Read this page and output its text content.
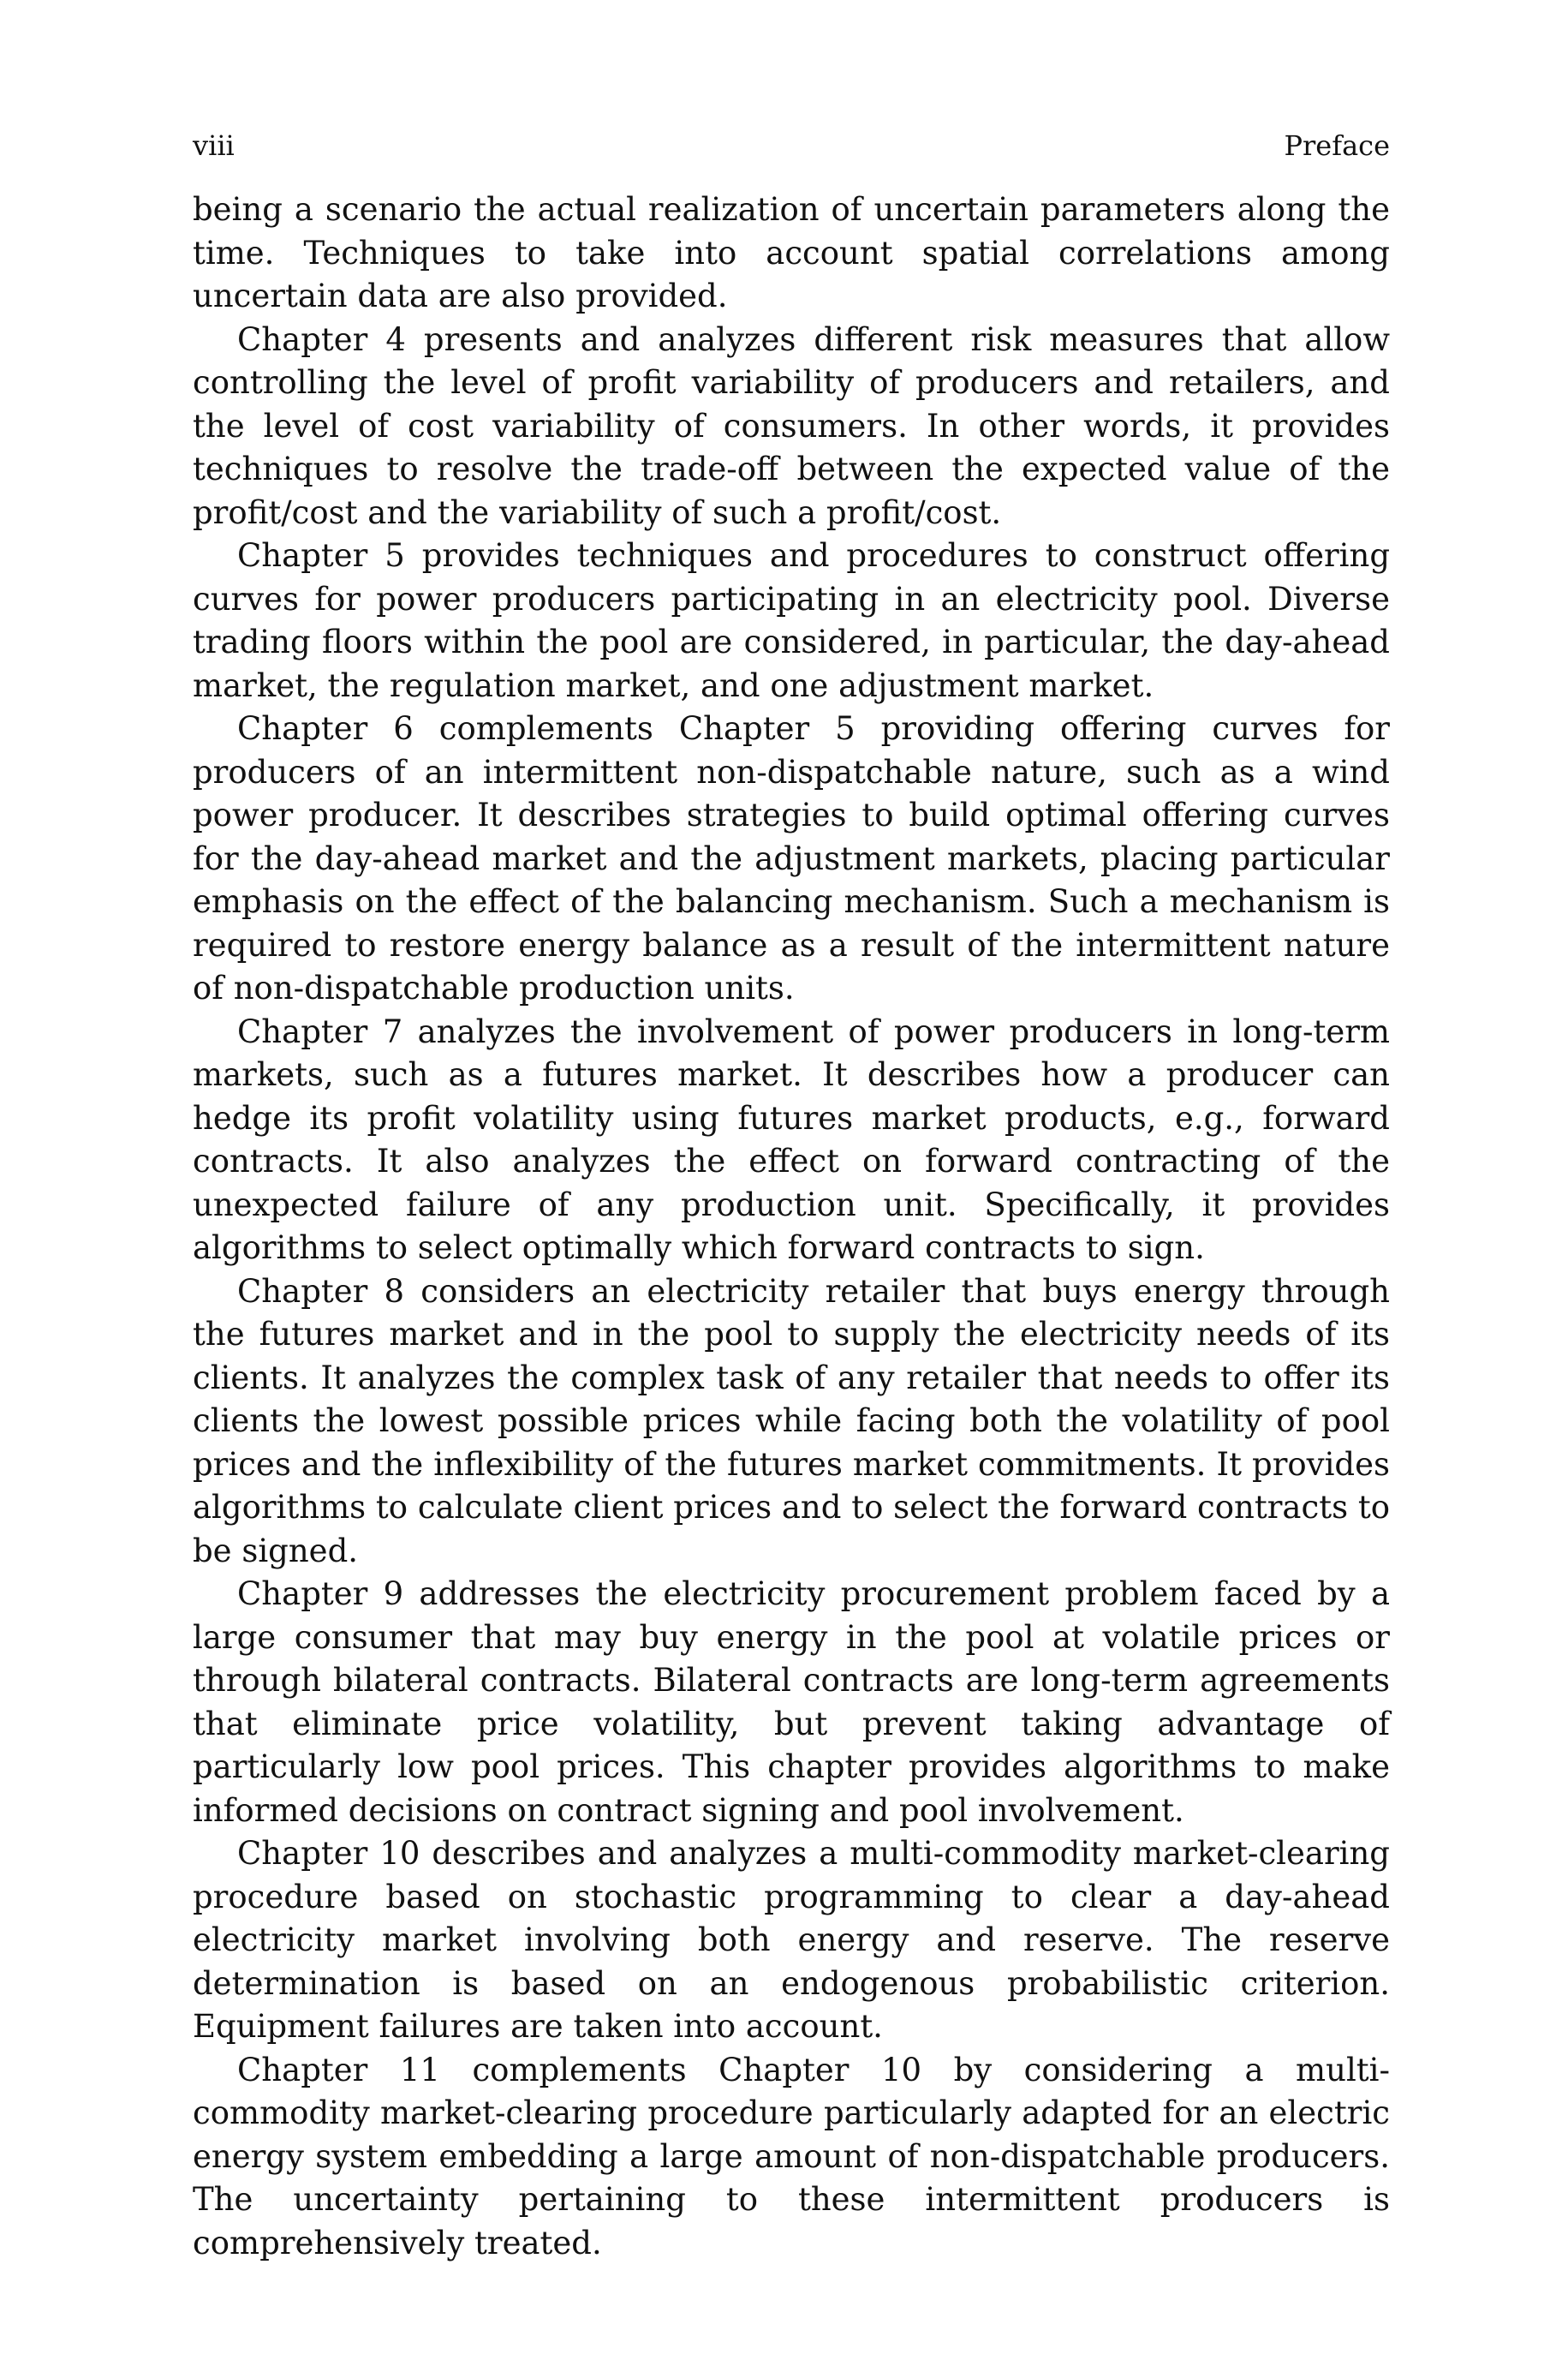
viii	Preface

being a scenario the actual realization of uncertain parameters along the time. Techniques to take into account spatial correlations among uncertain data are also provided.

Chapter 4 presents and analyzes different risk measures that allow controlling the level of profit variability of producers and retailers, and the level of cost variability of consumers. In other words, it provides techniques to resolve the trade-off between the expected value of the profit/cost and the variability of such a profit/cost.

Chapter 5 provides techniques and procedures to construct offering curves for power producers participating in an electricity pool. Diverse trading floors within the pool are considered, in particular, the day-ahead market, the regulation market, and one adjustment market.

Chapter 6 complements Chapter 5 providing offering curves for producers of an intermittent non-dispatchable nature, such as a wind power producer. It describes strategies to build optimal offering curves for the day-ahead market and the adjustment markets, placing particular emphasis on the effect of the balancing mechanism. Such a mechanism is required to restore energy balance as a result of the intermittent nature of non-dispatchable production units.

Chapter 7 analyzes the involvement of power producers in long-term markets, such as a futures market. It describes how a producer can hedge its profit volatility using futures market products, e.g., forward contracts. It also analyzes the effect on forward contracting of the unexpected failure of any production unit. Specifically, it provides algorithms to select optimally which forward contracts to sign.

Chapter 8 considers an electricity retailer that buys energy through the futures market and in the pool to supply the electricity needs of its clients. It analyzes the complex task of any retailer that needs to offer its clients the lowest possible prices while facing both the volatility of pool prices and the inflexibility of the futures market commitments. It provides algorithms to calculate client prices and to select the forward contracts to be signed.

Chapter 9 addresses the electricity procurement problem faced by a large consumer that may buy energy in the pool at volatile prices or through bilateral contracts. Bilateral contracts are long-term agreements that eliminate price volatility, but prevent taking advantage of particularly low pool prices. This chapter provides algorithms to make informed decisions on contract signing and pool involvement.

Chapter 10 describes and analyzes a multi-commodity market-clearing procedure based on stochastic programming to clear a day-ahead electricity market involving both energy and reserve. The reserve determination is based on an endogenous probabilistic criterion. Equipment failures are taken into account.

Chapter 11 complements Chapter 10 by considering a multi-commodity market-clearing procedure particularly adapted for an electric energy system embedding a large amount of non-dispatchable producers. The uncertainty pertaining to these intermittent producers is comprehensively treated.
